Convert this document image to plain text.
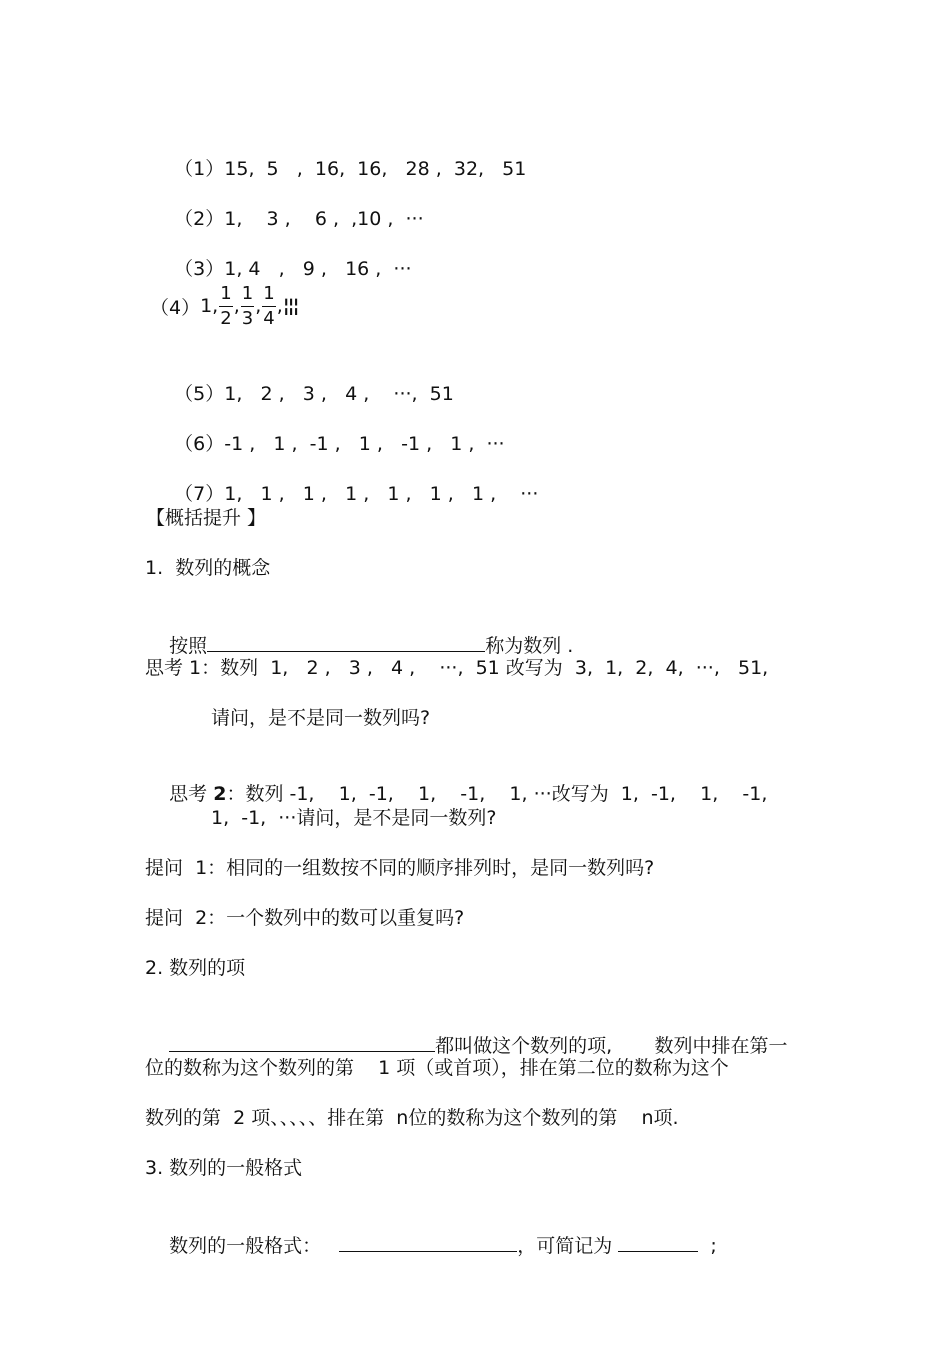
（1）15,  5   ,  16,  16,   28 ,  32,   51

（2）1,    3 ,    6 ,  ,10 ,  ···

（3）1, 4   ,   9 ,   16 ,  ···

（4） 1, $\frac{1}{2}$ , $\frac{1}{3}$ , $\frac{1}{4}$ , ¦¦¦

（5）1,   2 ,   3 ,   4 ,    ···,  51

（6）-1 ,   1 ,  -1 ,   1 ,   -1 ,   1 ,  ···

（7）1,   1 ,   1 ,   1 ,   1 ,   1 ,   1 ,    ···

【概括提升 】
1.  数列的概念

按照	称为数列 .

思考 1：数列  1,   2 ,   3 ,   4 ,    ···,  51 改写为  3,  1,  2,  4,  ···,   51,
请问，是不是同一数列吗?

思考 2：数列 -1,    1,  -1,    1,    -1,    1, ···改写为  1,  -1,    1,    -1,

1,  -1,  ···请问，是不是同一数列?
提问  1：相同的一组数按不同的顺序排列时，是同一数列吗?
提问  2：一个数列中的数可以重复吗?
2. 数列的项

都叫做这个数列的项,       数列中排在第一

位的数称为这个数列的第    1 项（或首项），排在第二位的数称为这个
数列的第  2 项、、、、、排在第  n位的数称为这个数列的第    n项.
3. 数列的一般格式

数列的一般格式：	，可简记为	;
